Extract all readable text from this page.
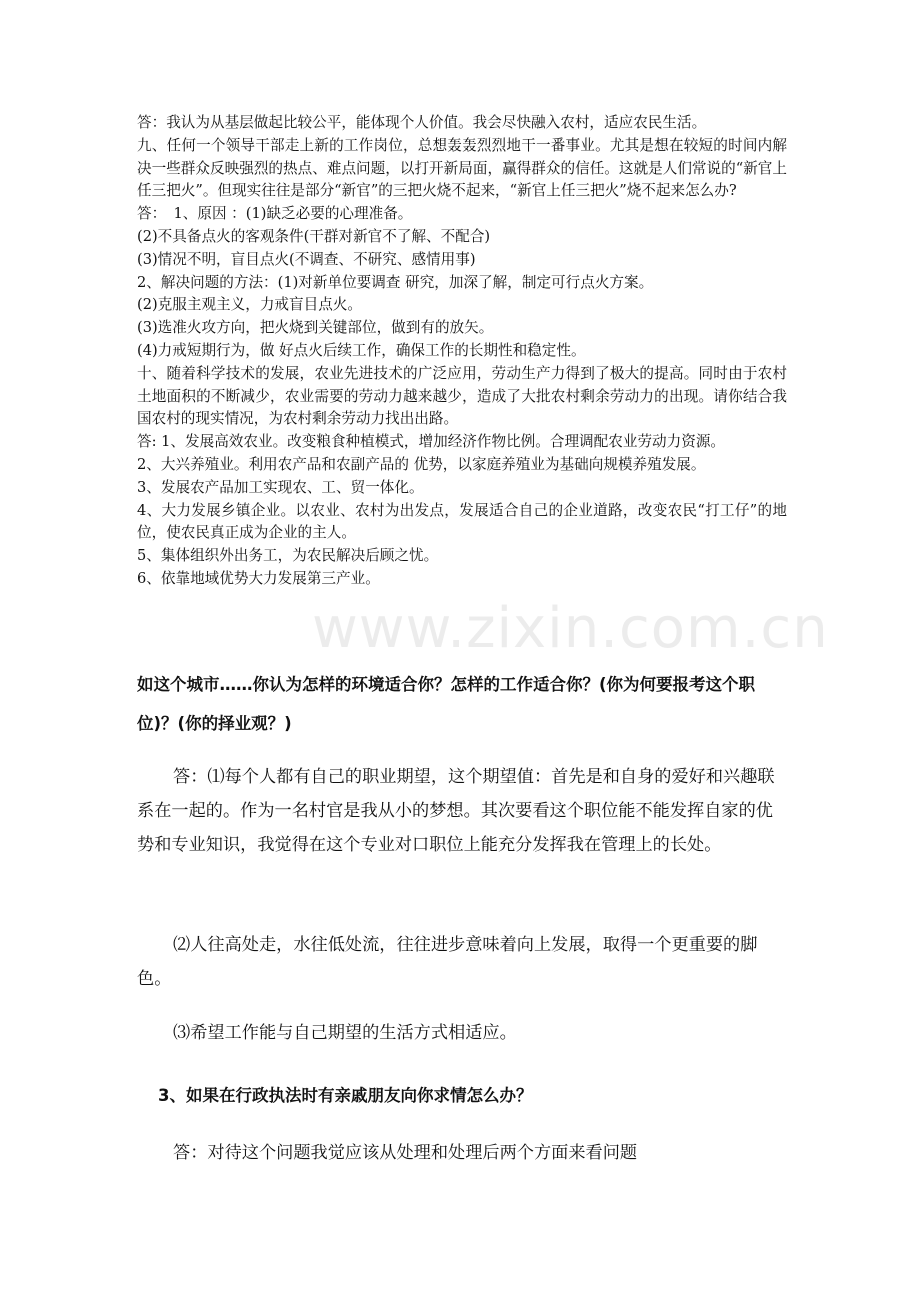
答：我认为从基层做起比较公平，能体现个人价值。我会尽快融入农村，适应农民生活。

九、任何一个领导干部走上新的工作岗位，总想轰轰烈烈地干一番事业。尤其是想在较短的时间内解决一些群众反映强烈的热点、难点问题，以打开新局面，赢得群众的信任。这就是人们常说的“新官上任三把火”。但现实往往是部分“新官”的三把火烧不起来，“新官上任三把火”烧不起来怎么办?

答：　1、原因 ：(1)缺乏必要的心理准备。

(2)不具备点火的客观条件(干群对新官不了解、不配合)

(3)情况不明，盲目点火(不调查、不研究、感情用事)

2、解决问题的方法：(1)对新单位要调查 研究，加深了解，制定可行点火方案。

(2)克服主观主义，力戒盲目点火。

(3)选准火攻方向，把火烧到关键部位，做到有的放矢。

(4)力戒短期行为，做 好点火后续工作，确保工作的长期性和稳定性。

十、随着科学技术的发展，农业先进技术的广泛应用，劳动生产力得到了极大的提高。同时由于农村土地面积的不断减少，农业需要的劳动力越来越少，造成了大批农村剩余劳动力的出现。请你结合我国农村的现实情况，为农村剩余劳动力找出出路。

答: 1、发展高效农业。改变粮食种植模式，增加经济作物比例。合理调配农业劳动力资源。

2、大兴养殖业。利用农产品和农副产品的 优势，以家庭养殖业为基础向规模养殖发展。

3、发展农产品加工实现农、工、贸一体化。

4、大力发展乡镇企业。以农业、农村为出发点，发展适合自己的企业道路，改变农民“打工仔”的地位，使农民真正成为企业的主人。

5、集体组织外出务工，为农民解决后顾之忧。

6、依靠地域优势大力发展第三产业。

www.zixin.com.cn

如这个城市……你认为怎样的环境适合你？怎样的工作适合你？(你为何要报考这个职位)？(你的择业观？)

答：⑴每个人都有自己的职业期望，这个期望值：首先是和自身的爱好和兴趣联系在一起的。作为一名村官是我从小的梦想。其次要看这个职位能不能发挥自家的优势和专业知识，我觉得在这个专业对口职位上能充分发挥我在管理上的长处。

⑵人往高处走，水往低处流，往往进步意味着向上发展，取得一个更重要的脚色。

⑶希望工作能与自己期望的生活方式相适应。

3、如果在行政执法时有亲戚朋友向你求情怎么办？

答：对待这个问题我觉应该从处理和处理后两个方面来看问题
